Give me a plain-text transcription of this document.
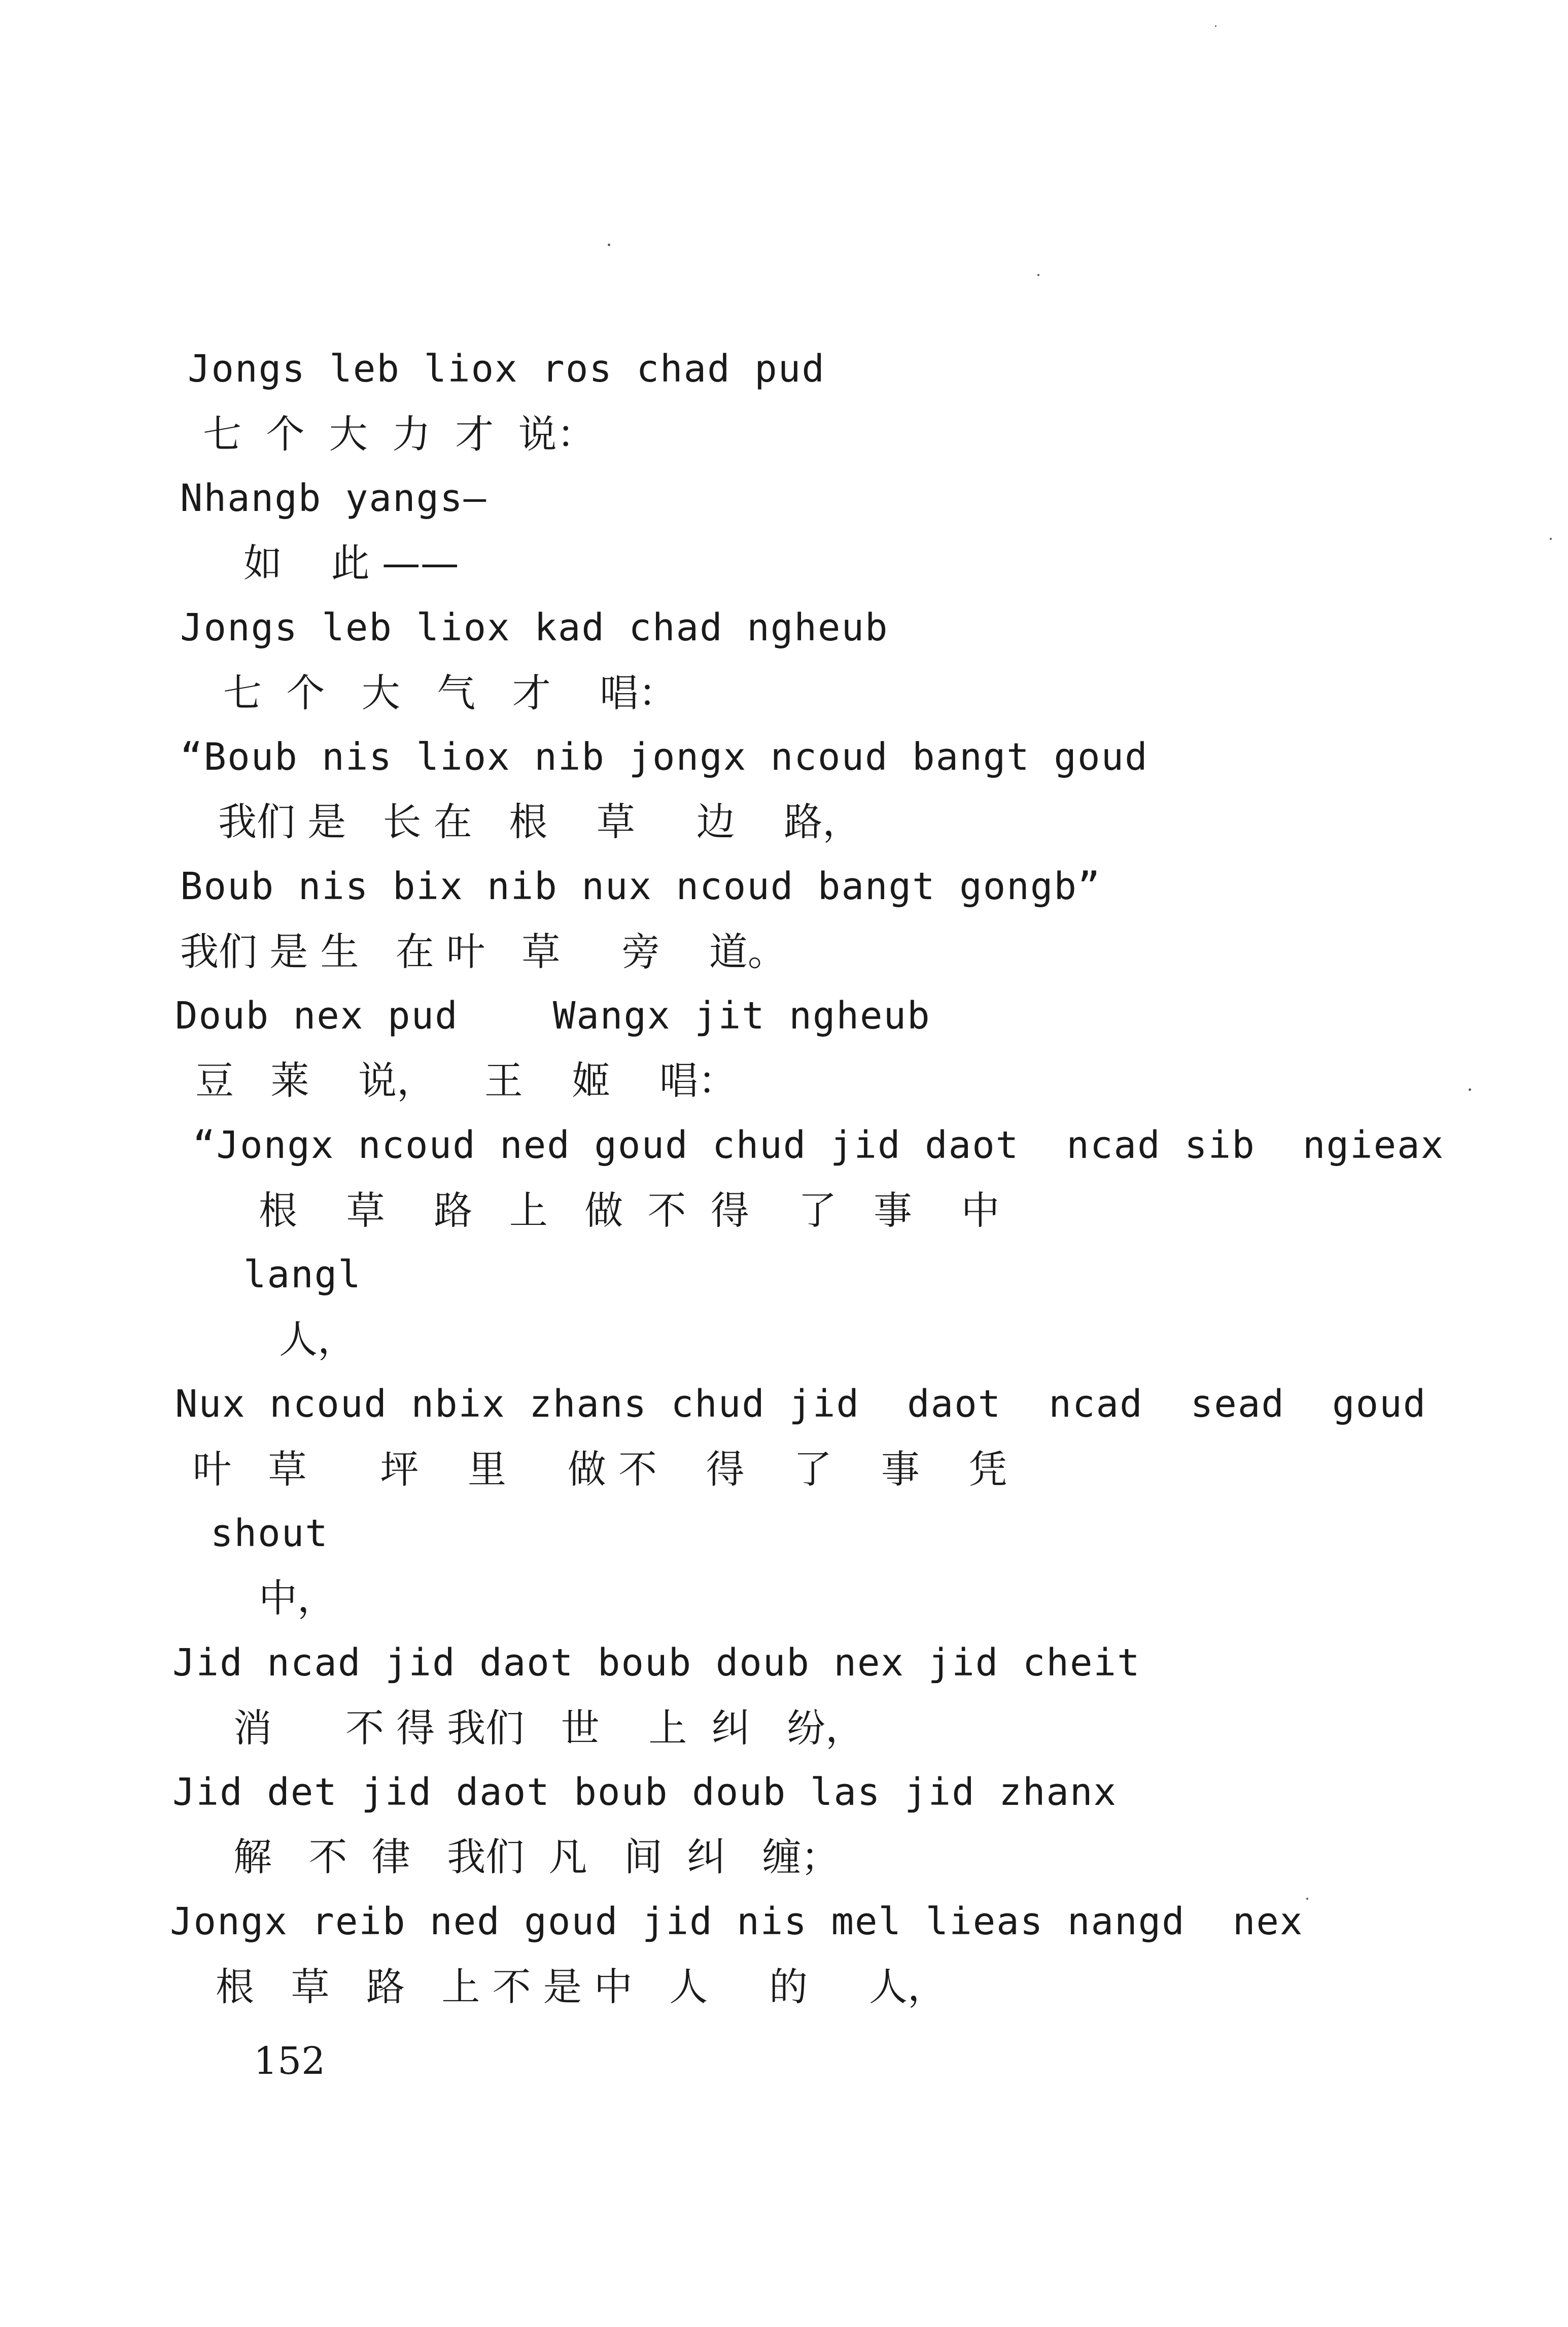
Jongs leb liox ros chad pud
七  个  大  力  才  说：
Nhangb yangs—
如    此 ——
Jongs leb liox kad chad ngheub
七  个   大   气   才    唱：
“Boub nis liox nib jongx ncoud bangt goud
我们 是   长 在   根    草     边    路，
Boub nis bix nib nux ncoud bangt gongb”
我们 是 生   在 叶   草     旁    道。
Doub nex pud    Wangx jit ngheub
豆   莱    说，    王    姬    唱：
“Jongx ncoud ned goud chud jid daot  ncad sib  ngieax
根    草    路   上   做  不  得    了   事    中
langl
人，
Nux ncoud nbix zhans chud jid  daot  ncad  sead  goud
叶   草      坪    里     做 不    得    了    事    凭
shout
中，
Jid ncad jid daot boub doub nex jid cheit
消      不 得 我们   世    上  纠   纷，
Jid det jid daot boub doub las jid zhanx
解   不  律   我们  凡   间  纠   缠；
Jongx reib ned goud jid nis mel lieas nangd  nex
根   草   路   上 不 是 中   人     的     人，
152
